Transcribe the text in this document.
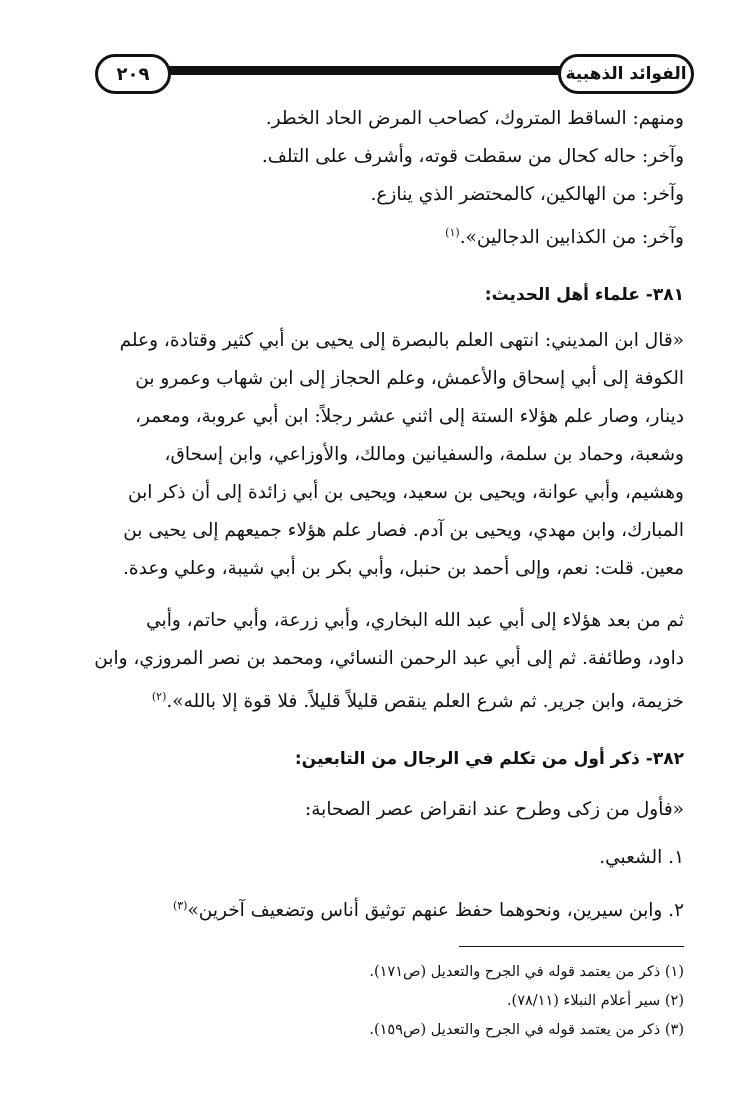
٢٠٩	الفوائد الذهبية
ومنهم: الساقط المتروك، كصاحب المرض الحاد الخطر.
وآخر: حاله كحال من سقطت قوته، وأشرف على التلف.
وآخر: من الهالكين، كالمحتضر الذي ينازع.
وآخر: من الكذابين الدجالين».$^{(١)}$
٣٨١- علماء أهل الحديث:
«قال ابن المديني: انتهى العلم بالبصرة إلى يحيى بن أبي كثير وقتادة، وعلم
الكوفة إلى أبي إسحاق والأعمش، وعلم الحجاز إلى ابن شهاب وعمرو بن
دينار، وصار علم هؤلاء الستة إلى اثني عشر رجلاً: ابن أبي عروبة، ومعمر،
وشعبة، وحماد بن سلمة، والسفيانين ومالك، والأوزاعي، وابن إسحاق،
وهشيم، وأبي عوانة، ويحيى بن سعيد، ويحيى بن أبي زائدة إلى أن ذكر ابن
المبارك، وابن مهدي، ويحيى بن آدم. فصار علم هؤلاء جميعهم إلى يحيى بن
معين. قلت: نعم، وإلى أحمد بن حنبل، وأبي بكر بن أبي شيبة، وعلي وعدة.
ثم من بعد هؤلاء إلى أبي عبد الله البخاري، وأبي زرعة، وأبي حاتم، وأبي
داود، وطائفة. ثم إلى أبي عبد الرحمن النسائي، ومحمد بن نصر المروزي، وابن
خزيمة، وابن جرير. ثم شرع العلم ينقص قليلاً قليلاً. فلا قوة إلا بالله».$^{(٢)}$
٣٨٢- ذكر أول من تكلم في الرجال من التابعين:
«فأول من زكى وطرح عند انقراض عصر الصحابة:
١. الشعبي.
٢. وابن سيرين، ونحوهما حفظ عنهم توثيق أناس وتضعيف آخرين»$^{(٣)}$
(١) ذكر من يعتمد قوله في الجرح والتعديل (ص١٧١).
(٢) سير أعلام النبلاء (٧٨/١١).
(٣) ذكر من يعتمد قوله في الجرح والتعديل (ص١٥٩).
